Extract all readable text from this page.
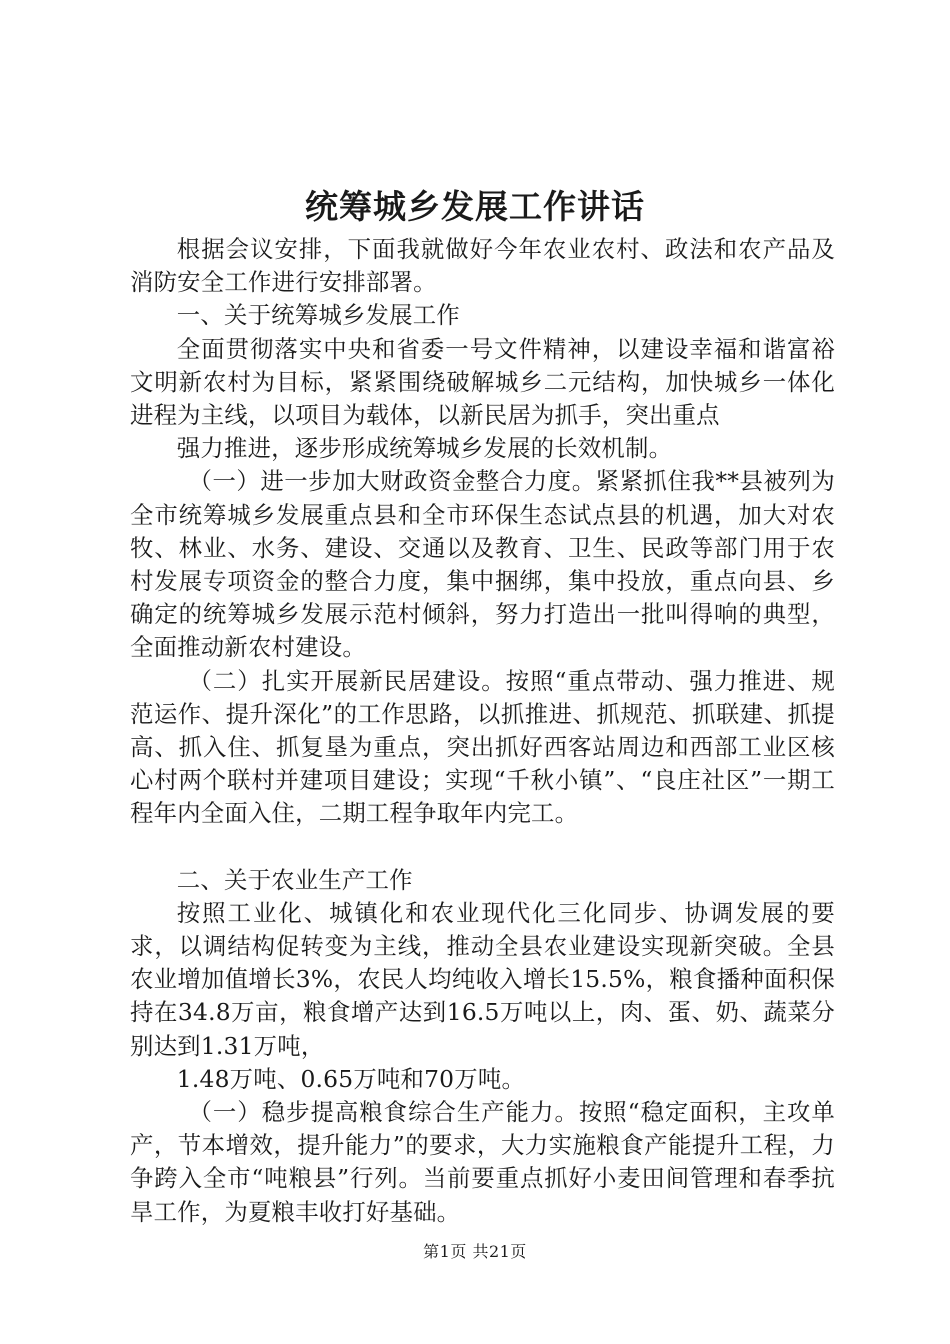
统筹城乡发展工作讲话

根据会议安排，下面我就做好今年农业农村、政法和农产品及消防安全工作进行安排部署。

一、关于统筹城乡发展工作

全面贯彻落实中央和省委一号文件精神，以建设幸福和谐富裕文明新农村为目标，紧紧围绕破解城乡二元结构，加快城乡一体化进程为主线，以项目为载体，以新民居为抓手，突出重点

强力推进，逐步形成统筹城乡发展的长效机制。

（一）进一步加大财政资金整合力度。紧紧抓住我**县被列为全市统筹城乡发展重点县和全市环保生态试点县的机遇，加大对农牧、林业、水务、建设、交通以及教育、卫生、民政等部门用于农村发展专项资金的整合力度，集中捆绑，集中投放，重点向县、乡确定的统筹城乡发展示范村倾斜，努力打造出一批叫得响的典型，全面推动新农村建设。

（二）扎实开展新民居建设。按照“重点带动、强力推进、规范运作、提升深化”的工作思路，以抓推进、抓规范、抓联建、抓提高、抓入住、抓复垦为重点，突出抓好西客站周边和西部工业区核心村两个联村并建项目建设；实现“千秋小镇”、“良庄社区”一期工程年内全面入住，二期工程争取年内完工。

二、关于农业生产工作

按照工业化、城镇化和农业现代化三化同步、协调发展的要求，以调结构促转变为主线，推动全县农业建设实现新突破。全县农业增加值增长3%，农民人均纯收入增长15.5%，粮食播种面积保持在34.8万亩，粮食增产达到16.5万吨以上，肉、蛋、奶、蔬菜分别达到1.31万吨，

1.48万吨、0.65万吨和70万吨。

（一）稳步提高粮食综合生产能力。按照“稳定面积，主攻单产，节本增效，提升能力”的要求，大力实施粮食产能提升工程，力争跨入全市“吨粮县”行列。当前要重点抓好小麦田间管理和春季抗旱工作，为夏粮丰收打好基础。

第1页 共21页
